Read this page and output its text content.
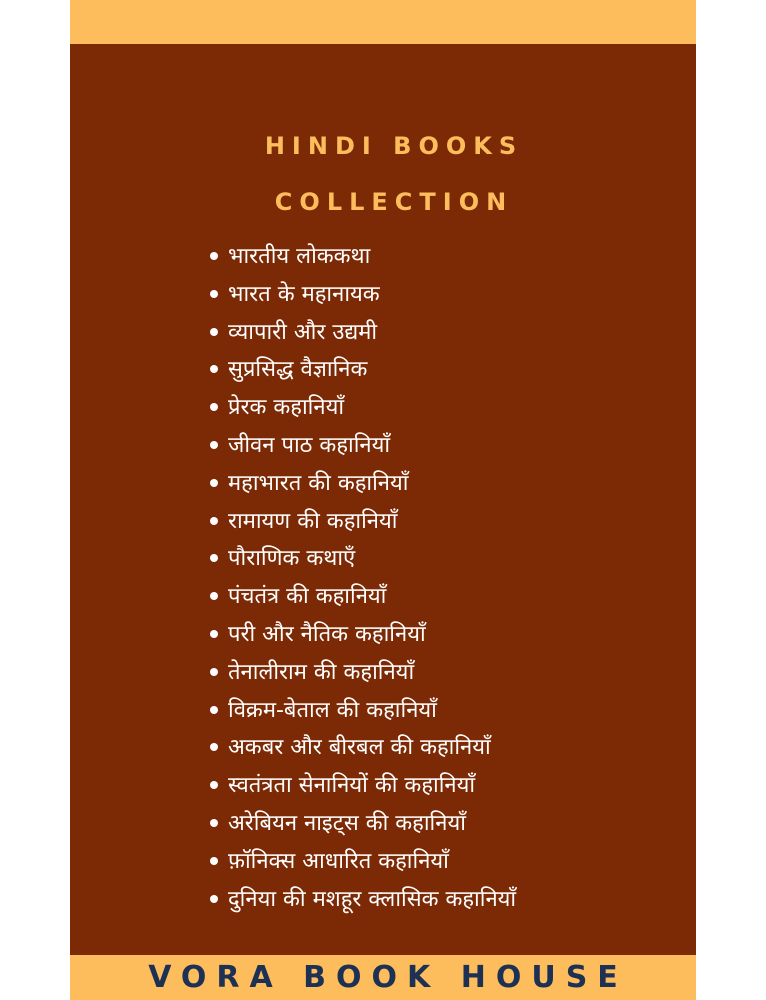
HINDI BOOKS
COLLECTION
भारतीय लोककथा
भारत के महानायक
व्यापारी और उद्यमी
सुप्रसिद्ध वैज्ञानिक
प्रेरक कहानियाँ
जीवन पाठ कहानियाँ
महाभारत की कहानियाँ
रामायण की कहानियाँ
पौराणिक कथाएँ
पंचतंत्र की कहानियाँ
परी और नैतिक कहानियाँ
तेनालीराम की कहानियाँ
विक्रम-बेताल की कहानियाँ
अकबर और बीरबल की कहानियाँ
स्वतंत्रता सेनानियों की कहानियाँ
अरेबियन नाइट्स की कहानियाँ
फ़ॉनिक्स आधारित कहानियाँ
दुनिया की मशहूर क्लासिक कहानियाँ
VORA BOOK HOUSE
